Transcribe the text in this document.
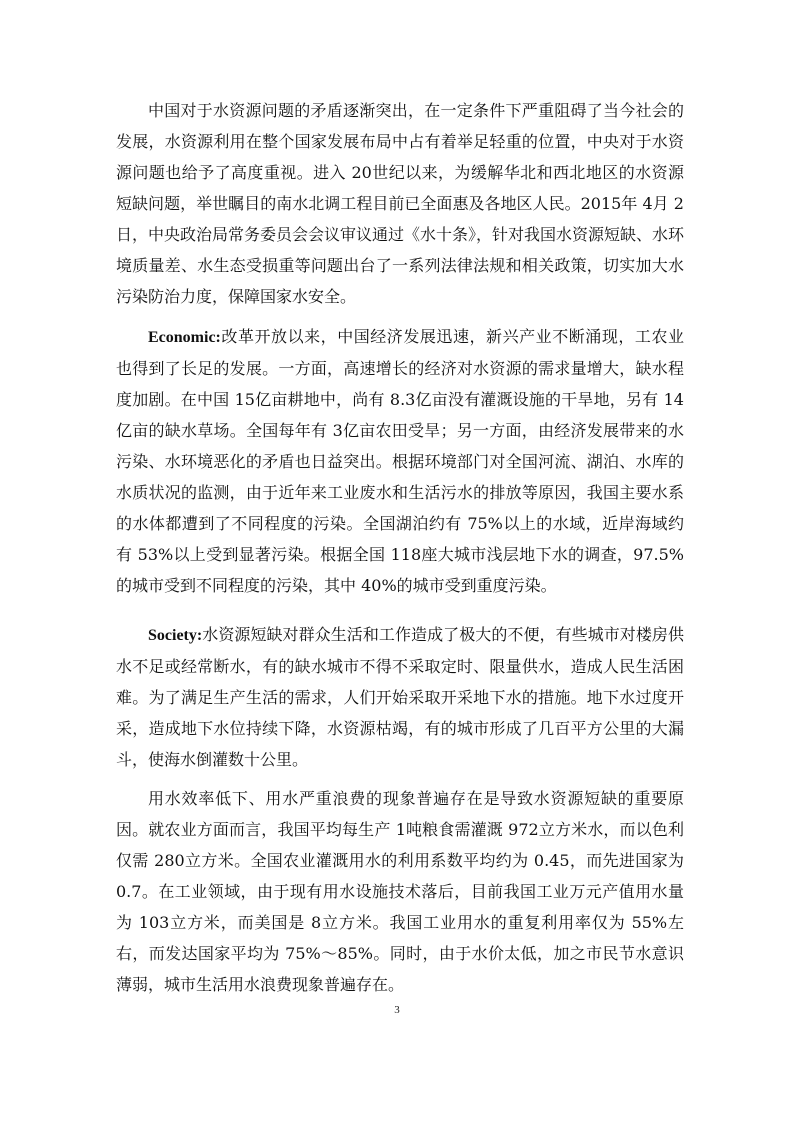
中国对于水资源问题的矛盾逐渐突出，在一定条件下严重阻碍了当今社会的发展，水资源利用在整个国家发展布局中占有着举足轻重的位置，中央对于水资源问题也给予了高度重视。进入 20世纪以来，为缓解华北和西北地区的水资源短缺问题，举世瞩目的南水北调工程目前已全面惠及各地区人民。2015年 4月 2日，中央政治局常务委员会会议审议通过《水十条》，针对我国水资源短缺、水环境质量差、水生态受损重等问题出台了一系列法律法规和相关政策，切实加大水污染防治力度，保障国家水安全。

Economic:改革开放以来，中国经济发展迅速，新兴产业不断涌现，工农业也得到了长足的发展。一方面，高速增长的经济对水资源的需求量增大，缺水程度加剧。在中国 15亿亩耕地中，尚有 8.3亿亩没有灌溉设施的干旱地，另有 14亿亩的缺水草场。全国每年有 3亿亩农田受旱；另一方面，由经济发展带来的水污染、水环境恶化的矛盾也日益突出。根据环境部门对全国河流、湖泊、水库的水质状况的监测，由于近年来工业废水和生活污水的排放等原因，我国主要水系的水体都遭到了不同程度的污染。全国湖泊约有 75%以上的水域，近岸海域约有 53%以上受到显著污染。根据全国 118座大城市浅层地下水的调查，97.5%的城市受到不同程度的污染，其中 40%的城市受到重度污染。

Society:水资源短缺对群众生活和工作造成了极大的不便，有些城市对楼房供水不足或经常断水，有的缺水城市不得不采取定时、限量供水，造成人民生活困难。为了满足生产生活的需求，人们开始采取开采地下水的措施。地下水过度开采，造成地下水位持续下降，水资源枯竭，有的城市形成了几百平方公里的大漏斗，使海水倒灌数十公里。

用水效率低下、用水严重浪费的现象普遍存在是导致水资源短缺的重要原因。就农业方面而言，我国平均每生产 1吨粮食需灌溉 972立方米水，而以色利仅需 280立方米。全国农业灌溉用水的利用系数平均约为 0.45，而先进国家为 0.7。在工业领域，由于现有用水设施技术落后，目前我国工业万元产值用水量为 103立方米，而美国是 8立方米。我国工业用水的重复利用率仅为 55%左右，而发达国家平均为 75%～85%。同时，由于水价太低，加之市民节水意识薄弱，城市生活用水浪费现象普遍存在。

3
